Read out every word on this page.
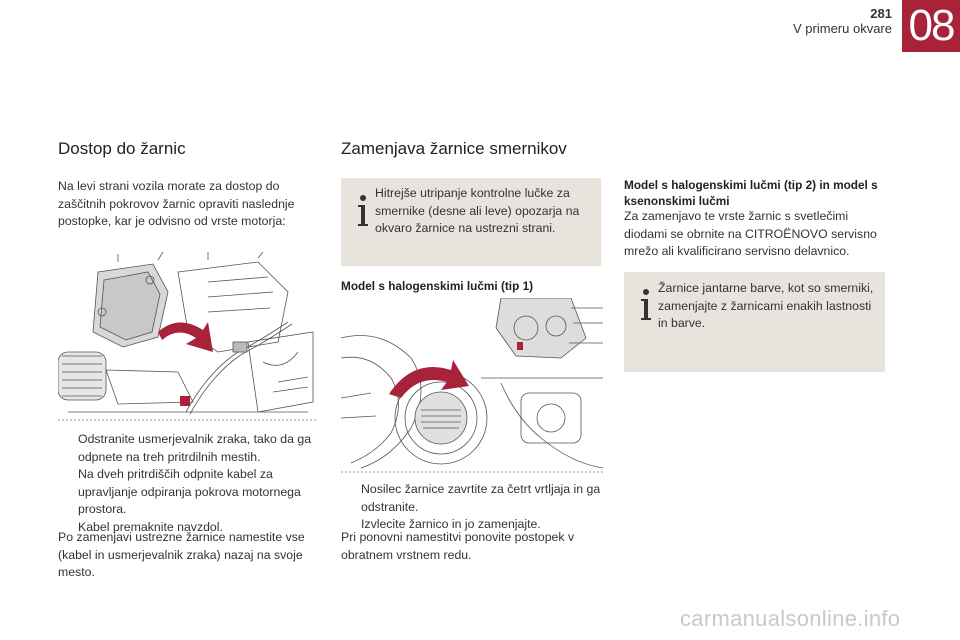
281
V primeru okvare 08
Dostop do žarnic
Na levi strani vozila morate za dostop do zaščitnih pokrovov žarnic opraviti naslednje postopke, kar je odvisno od vrste motorja:
Odstranite usmerjevalnik zraka, tako da ga odpnete na treh pritrdilnih mestih.
Na dveh pritrdiščih odpnite kabel za upravljanje odpiranja pokrova motornega prostora.
Kabel premaknite navzdol.
Po zamenjavi ustrezne žarnice namestite vse (kabel in usmerjevalnik zraka) nazaj na svoje mesto.
Zamenjava žarnice smernikov
Hitrejše utripanje kontrolne lučke za smernike (desne ali leve) opozarja na okvaro žarnice na ustrezni strani.
Model s halogenskimi lučmi (tip 1)
Nosilec žarnice zavrtite za četrt vrtljaja in ga odstranite.
Izvlecite žarnico in jo zamenjajte.
Pri ponovni namestitvi ponovite postopek v obratnem vrstnem redu.
Model s halogenskimi lučmi (tip 2) in model s ksenonskimi lučmi
Za zamenjavo te vrste žarnic s svetlečimi diodami se obrnite na CITROËNOVO servisno mrežo ali kvalificirano servisno delavnico.
Žarnice jantarne barve, kot so smerniki, zamenjajte z žarnicami enakih lastnosti in barve.
carmanualsonline.info
